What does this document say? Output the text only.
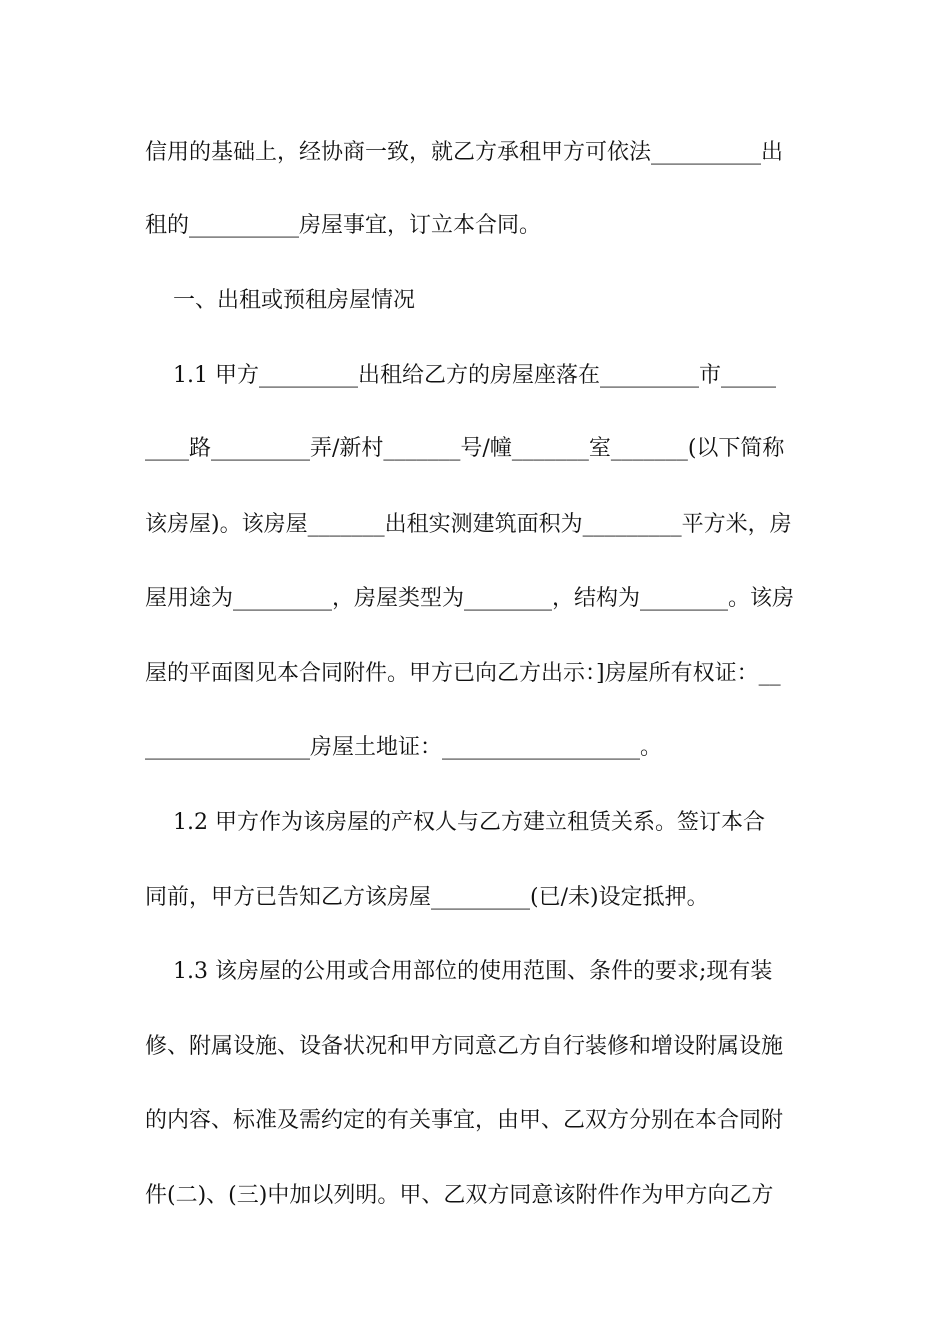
信用的基础上，经协商一致，就乙方承租甲方可依法__________出
租的__________房屋事宜，订立本合同。
一、出租或预租房屋情况
1.1 甲方_________出租给乙方的房屋座落在_________市_____
____路_________弄/新村_______号/幢_______室_______(以下简称
该房屋)。该房屋_______出租实测建筑面积为_________平方米，房
屋用途为_________，房屋类型为________，结构为________。该房
屋的平面图见本合同附件。甲方已向乙方出示：]房屋所有权证：__
_______________房屋土地证：__________________。
1.2 甲方作为该房屋的产权人与乙方建立租赁关系。签订本合
同前，甲方已告知乙方该房屋_________(已/未)设定抵押。
1.3 该房屋的公用或合用部位的使用范围、条件的要求;现有装
修、附属设施、设备状况和甲方同意乙方自行装修和增设附属设施
的内容、标准及需约定的有关事宜，由甲、乙双方分别在本合同附
件(二)、(三)中加以列明。甲、乙双方同意该附件作为甲方向乙方
